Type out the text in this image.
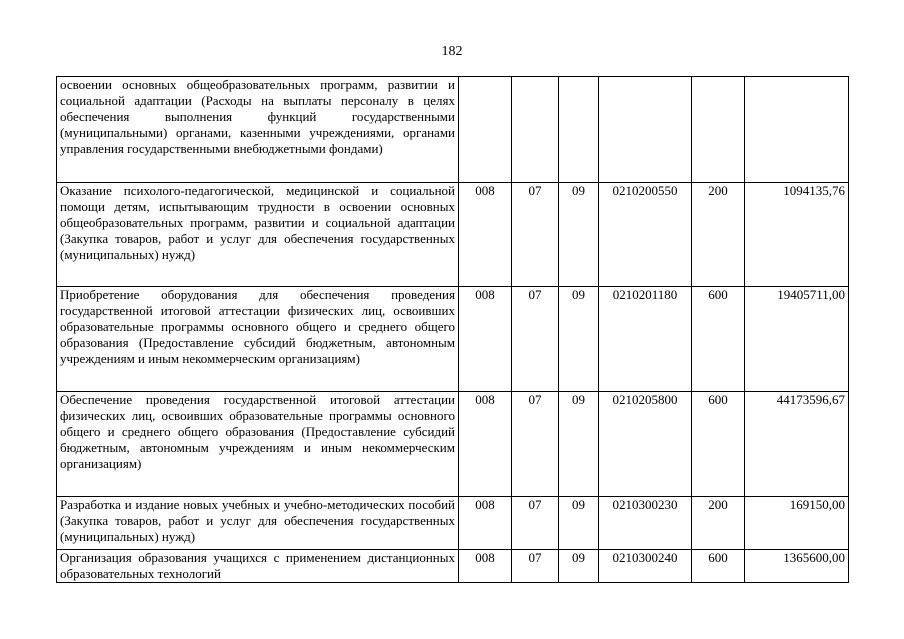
182
освоении основных общеобразовательных программ, развитии и социальной адаптации (Расходы на выплаты персоналу в целях обеспечения выполнения функций государственными (муниципальными) органами, казенными учреждениями, органами управления государственными внебюджетными фондами)						
Оказание психолого-педагогической, медицинской и социальной помощи детям, испытывающим трудности в освоении основных общеобразовательных программ, развитии и социальной адаптации (Закупка товаров, работ и услуг для обеспечения государственных (муниципальных) нужд)	008	07	09	0210200550	200	1094135,76
Приобретение оборудования для обеспечения проведения государственной итоговой аттестации физических лиц, освоивших образовательные программы основного общего и среднего общего образования (Предоставление субсидий бюджетным, автономным учреждениям и иным некоммерческим организациям)	008	07	09	0210201180	600	19405711,00
Обеспечение проведения государственной итоговой аттестации физических лиц, освоивших образовательные программы основного общего и среднего общего образования (Предоставление субсидий бюджетным, автономным учреждениям и иным некоммерческим организациям)	008	07	09	0210205800	600	44173596,67
Разработка и издание новых учебных и учебно-методических пособий (Закупка товаров, работ и услуг для обеспечения государственных (муниципальных) нужд)	008	07	09	0210300230	200	169150,00
Организация образования учащихся с применением дистанционных образовательных технологий	008	07	09	0210300240	600	1365600,00
